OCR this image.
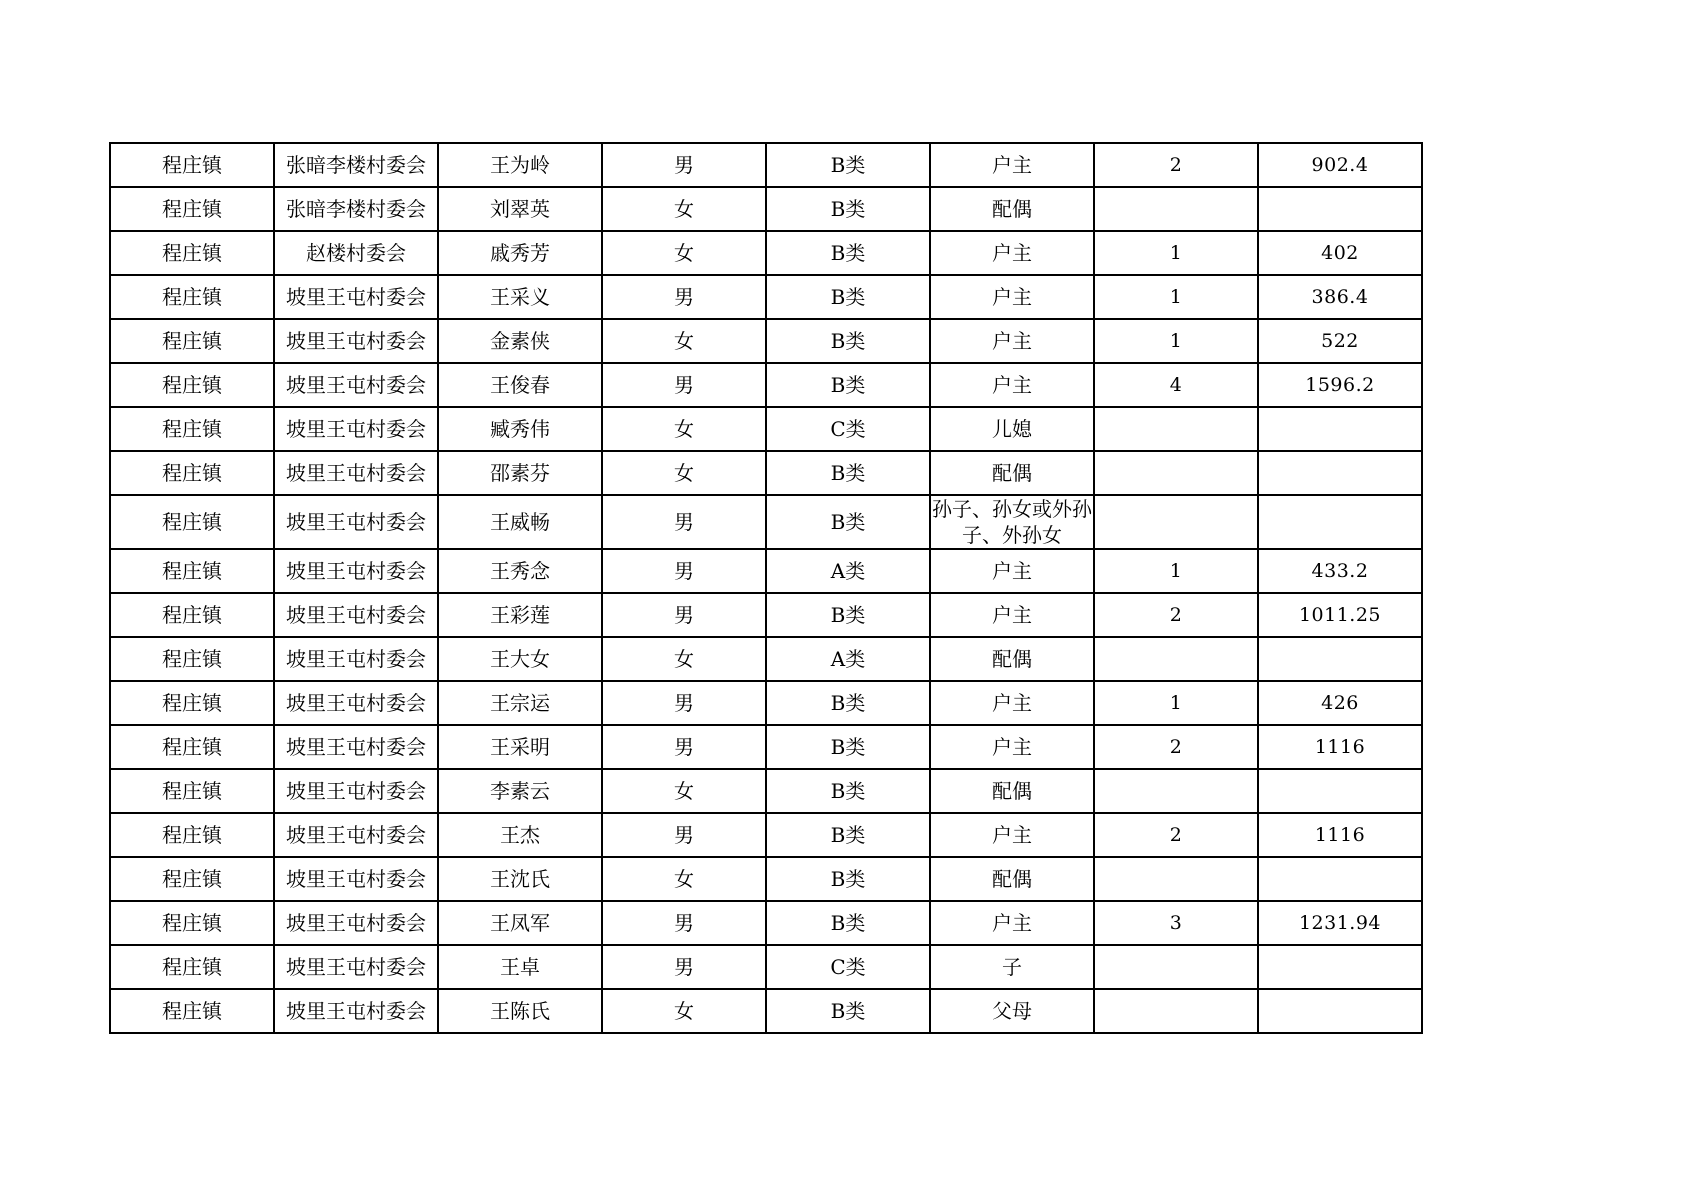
程庄镇	张暗李楼村委会	王为岭	男	B类	户主	2	902.4
程庄镇	张暗李楼村委会	刘翠英	女	B类	配偶		
程庄镇	赵楼村委会	戚秀芳	女	B类	户主	1	402
程庄镇	坡里王屯村委会	王采义	男	B类	户主	1	386.4
程庄镇	坡里王屯村委会	金素侠	女	B类	户主	1	522
程庄镇	坡里王屯村委会	王俊春	男	B类	户主	4	1596.2
程庄镇	坡里王屯村委会	臧秀伟	女	C类	儿媳		
程庄镇	坡里王屯村委会	邵素芬	女	B类	配偶		
程庄镇	坡里王屯村委会	王威畅	男	B类	孙子、孙女或外孙子、外孙女		
程庄镇	坡里王屯村委会	王秀念	男	A类	户主	1	433.2
程庄镇	坡里王屯村委会	王彩莲	男	B类	户主	2	1011.25
程庄镇	坡里王屯村委会	王大女	女	A类	配偶		
程庄镇	坡里王屯村委会	王宗运	男	B类	户主	1	426
程庄镇	坡里王屯村委会	王采明	男	B类	户主	2	1116
程庄镇	坡里王屯村委会	李素云	女	B类	配偶		
程庄镇	坡里王屯村委会	王杰	男	B类	户主	2	1116
程庄镇	坡里王屯村委会	王沈氏	女	B类	配偶		
程庄镇	坡里王屯村委会	王凤军	男	B类	户主	3	1231.94
程庄镇	坡里王屯村委会	王卓	男	C类	子		
程庄镇	坡里王屯村委会	王陈氏	女	B类	父母		
